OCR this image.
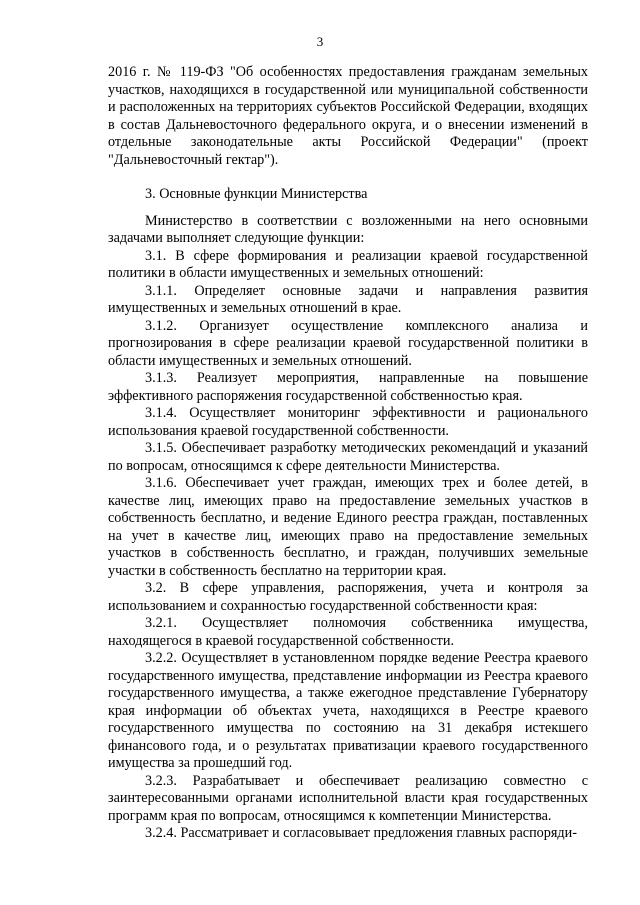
3

2016 г. № 119-ФЗ "Об особенностях предоставления гражданам земельных участков, находящихся в государственной или муниципальной собственности и расположенных на территориях субъектов Российской Федерации, входящих в состав Дальневосточного федерального округа, и о внесении изменений в отдельные законодательные акты Российской Федерации" (проект "Дальневосточный гектар").

3. Основные функции Министерства

Министерство в соответствии с возложенными на него основными задачами выполняет следующие функции:

3.1. В сфере формирования и реализации краевой государственной политики в области имущественных и земельных отношений:

3.1.1. Определяет основные задачи и направления развития имущественных и земельных отношений в крае.

3.1.2. Организует осуществление комплексного анализа и прогнозирования в сфере реализации краевой государственной политики в области имущественных и земельных отношений.

3.1.3. Реализует мероприятия, направленные на повышение эффективного распоряжения государственной собственностью края.

3.1.4. Осуществляет мониторинг эффективности и рационального использования краевой государственной собственности.

3.1.5. Обеспечивает разработку методических рекомендаций и указаний по вопросам, относящимся к сфере деятельности Министерства.

3.1.6. Обеспечивает учет граждан, имеющих трех и более детей, в качестве лиц, имеющих право на предоставление земельных участков в собственность бесплатно, и ведение Единого реестра граждан, поставленных на учет в качестве лиц, имеющих право на предоставление земельных участков в собственность бесплатно, и граждан, получивших земельные участки в собственность бесплатно на территории края.

3.2. В сфере управления, распоряжения, учета и контроля за использованием и сохранностью государственной собственности края:

3.2.1. Осуществляет полномочия собственника имущества, находящегося в краевой государственной собственности.

3.2.2. Осуществляет в установленном порядке ведение Реестра краевого государственного имущества, представление информации из Реестра краевого государственного имущества, а также ежегодное представление Губернатору края информации об объектах учета, находящихся в Реестре краевого государственного имущества по состоянию на 31 декабря истекшего финансового года, и о результатах приватизации краевого государственного имущества за прошедший год.

3.2.3. Разрабатывает и обеспечивает реализацию совместно с заинтересованными органами исполнительной власти края государственных программ края по вопросам, относящимся к компетенции Министерства.

3.2.4. Рассматривает и согласовывает предложения главных распоряди-
